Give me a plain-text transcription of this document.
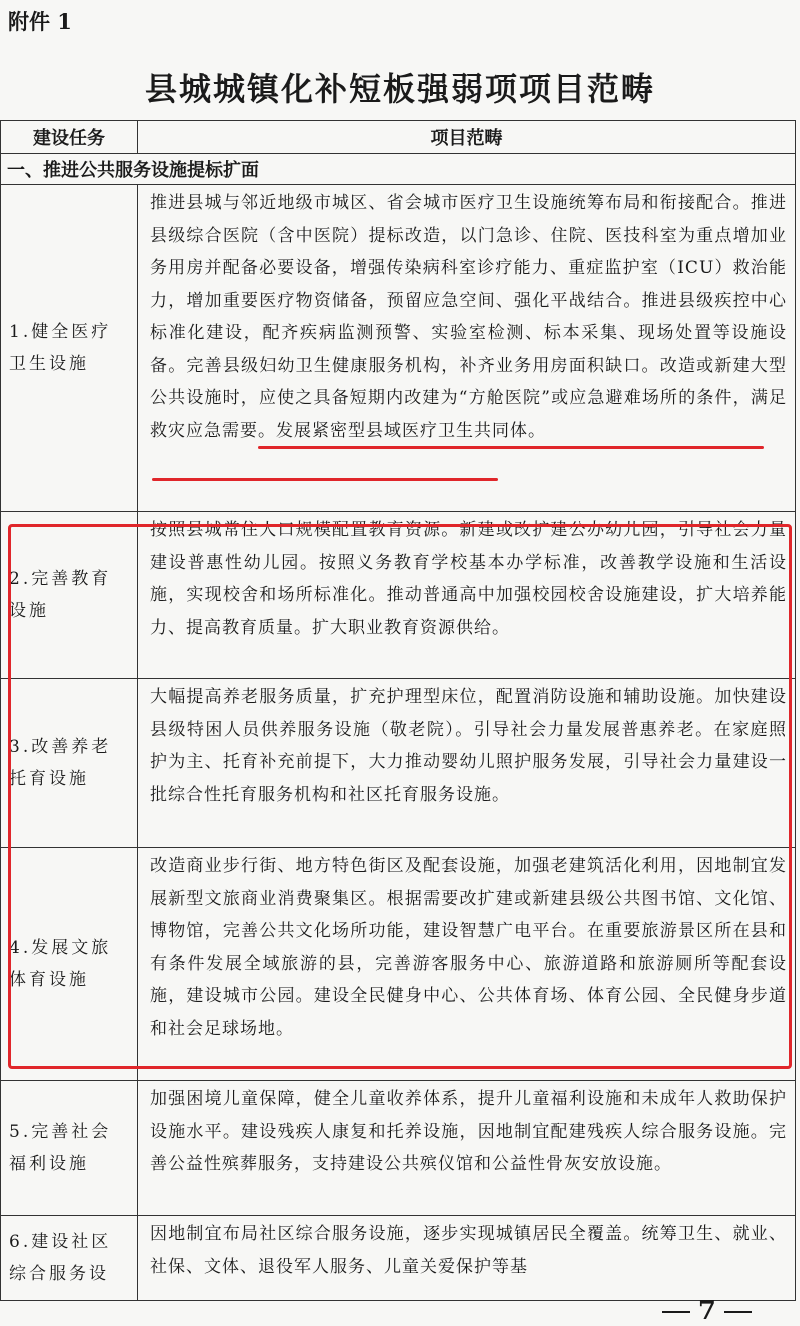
附件 1
县城城镇化补短板强弱项项目范畴
建设任务	项目范畴
一、推进公共服务设施提标扩面	
1.健全医疗卫生设施	推进县城与邻近地级市城区、省会城市医疗卫生设施统筹布局和衔接配合。推进县级综合医院（含中医院）提标改造，以门急诊、住院、医技科室为重点增加业务用房并配备必要设备，增强传染病科室诊疗能力、重症监护室（ICU）救治能力，增加重要医疗物资储备，预留应急空间、强化平战结合。推进县级疾控中心标准化建设，配齐疾病监测预警、实验室检测、标本采集、现场处置等设施设备。完善县级妇幼卫生健康服务机构，补齐业务用房面积缺口。改造或新建大型公共设施时，应使之具备短期内改建为“方舱医院”或应急避难场所的条件，满足救灾应急需要。发展紧密型县域医疗卫生共同体。
2.完善教育设施	按照县城常住人口规模配置教育资源。新建或改扩建公办幼儿园，引导社会力量建设普惠性幼儿园。按照义务教育学校基本办学标准，改善教学设施和生活设施，实现校舍和场所标准化。推动普通高中加强校园校舍设施建设，扩大培养能力、提高教育质量。扩大职业教育资源供给。
3.改善养老托育设施	大幅提高养老服务质量，扩充护理型床位，配置消防设施和辅助设施。加快建设县级特困人员供养服务设施（敬老院）。引导社会力量发展普惠养老。在家庭照护为主、托育补充前提下，大力推动婴幼儿照护服务发展，引导社会力量建设一批综合性托育服务机构和社区托育服务设施。
4.发展文旅体育设施	改造商业步行街、地方特色街区及配套设施，加强老建筑活化利用，因地制宜发展新型文旅商业消费聚集区。根据需要改扩建或新建县级公共图书馆、文化馆、博物馆，完善公共文化场所功能，建设智慧广电平台。在重要旅游景区所在县和有条件发展全域旅游的县，完善游客服务中心、旅游道路和旅游厕所等配套设施，建设城市公园。建设全民健身中心、公共体育场、体育公园、全民健身步道和社会足球场地。
5.完善社会福利设施	加强困境儿童保障，健全儿童收养体系，提升儿童福利设施和未成年人救助保护设施水平。建设残疾人康复和托养设施，因地制宜配建残疾人综合服务设施。完善公益性殡葬服务，支持建设公共殡仪馆和公益性骨灰安放设施。
6.建设社区综合服务设	因地制宜布局社区综合服务设施，逐步实现城镇居民全覆盖。统筹卫生、就业、社保、文体、退役军人服务、儿童关爱保护等基
7
